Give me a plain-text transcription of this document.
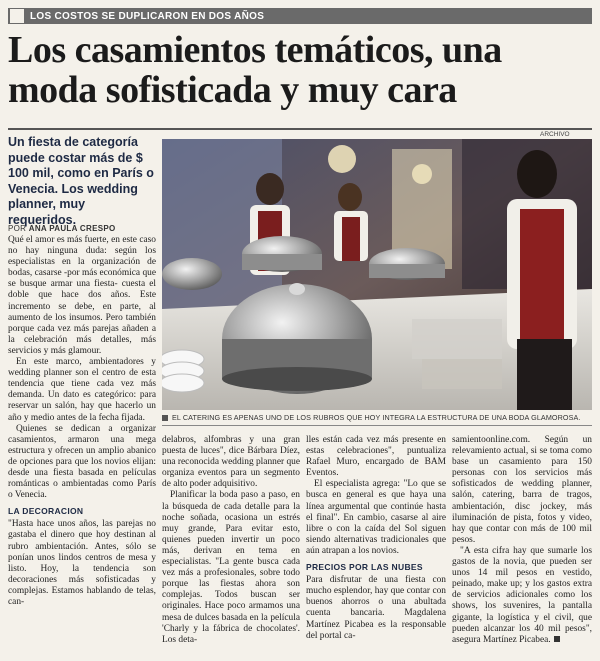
LOS COSTOS SE DUPLICARON EN DOS AÑOS
Los casamientos temáticos, una
moda sofisticada y muy cara
Un fiesta de categoría puede costar más de $ 100 mil, como en París o Venecia. Los wedding planner, muy requeridos.
POR ANA PAULA CRESPO

Qué el amor es más fuerte, en este caso no hay ninguna duda: según los especialistas en la organización de bodas, casarse -por más económica que se busque armar una fiesta- cuesta el doble que hace dos años. Este incremento se debe, en parte, al aumento de los insumos. Pero también porque cada vez más parejas añaden a la celebración más detalles, más servicios y más glamour.

En este marco, ambientadores y wedding planner son el centro de esta tendencia que tiene cada vez más demanda. Un dato es categórico: para reservar un salón, hay que hacerlo un año y medio antes de la fecha fijada.

Quienes se dedican a organizar casamientos, armaron una mega estructura y ofrecen un amplio abanico de opciones para que los novios elijan: desde una fiesta basada en películas románticas o ambientadas como París o Venecia.

LA DECORACION

"Hasta hace unos años, las parejas no gastaba el dinero que hoy destinan al rubro ambientación. Antes, sólo se ponían unos lindos centros de mesa y listo. Hoy, la tendencia son decoraciones más sofisticadas y complejas. Estamos hablando de telas, can-

ARCHIVO
EL CATERING ES APENAS UNO DE LOS RUBROS QUE HOY INTEGRA LA ESTRUCTURA DE UNA BODA GLAMOROSA.

delabros, alfombras y una gran puesta de luces", dice Bárbara Díez, una reconocida wedding planner que organiza eventos para un segmento de alto poder adquisitivo.

Planificar la boda paso a paso, en la búsqueda de cada detalle para la noche soñada, ocasiona un estrés muy grande, Para evitar esto, quienes pueden invertir un poco más, derivan en tema en especialistas. "La gente busca cada vez más a profesionales, sobre todo porque las fiestas ahora son complejas. Todos buscan ser originales. Hace poco armamos una mesa de dulces basada en la película 'Charly y la fábrica de chocolates'. Los deta-

lles están cada vez más presente en estas celebraciones", puntualiza Rafael Muro, encargado de BAM Eventos.

El especialista agrega: "Lo que se busca en general es que haya una línea argumental que continúe hasta el final". En cambio, casarse al aire libre o con la caída del Sol siguen siendo alternativas tradicionales que aún atrapan a los novios.

PRECIOS POR LAS NUBES

Para disfrutar de una fiesta con mucho esplendor, hay que contar con buenos ahorros o una abultada cuenta bancaria. Magdalena Martínez Picabea es la responsable del portal ca-

samientoonline.com. Según un relevamiento actual, si se toma como base un casamiento para 150 personas con los servicios más sofisticados de wedding planner, salón, catering, barra de tragos, ambientación, disc jockey, más iluminación de pista, fotos y video, hay que contar con más de 100 mil pesos.

"A esta cifra hay que sumarle los gastos de la novia, que pueden ser unos 14 mil pesos en vestido, peinado, make up; y los gastos extra de servicios adicionales como los shows, los suvenires, la pantalla gigante, la logística y el civil, que pueden alcanzar los 40 mil pesos", asegura Martínez Picabea.
